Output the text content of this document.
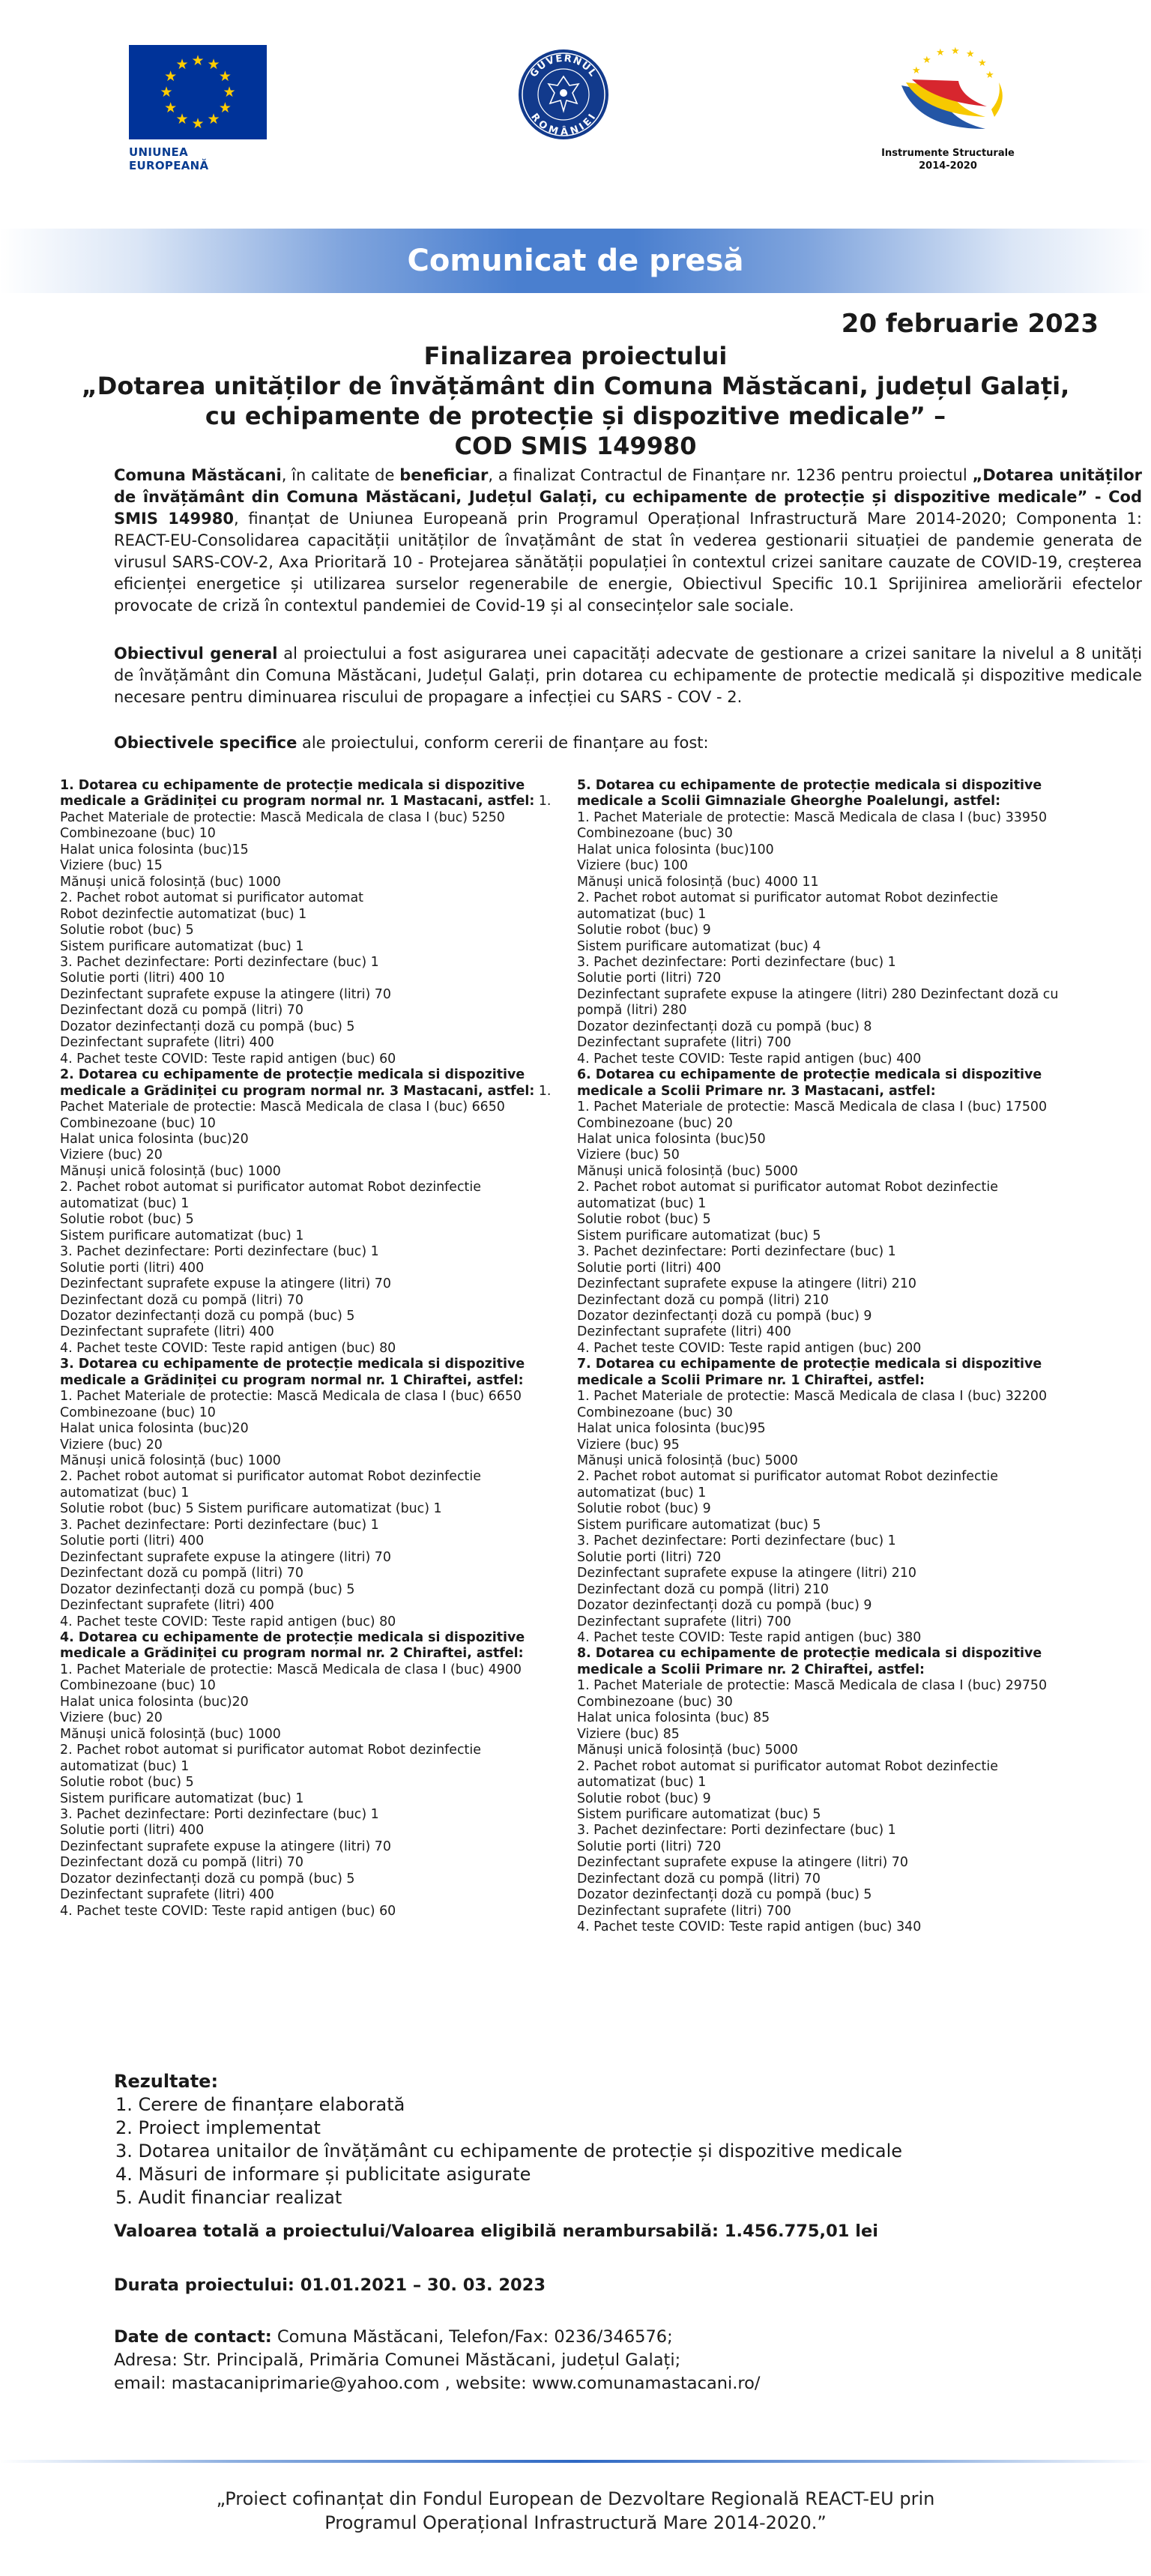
★ ★
★
★
★
★
★
★
★
★
★
★
UNIUNEA EUROPEANĂ
GUVERNUL
ROMÂNIEI
★
★ ★ ★
★
★
★
Instrumente Structurale
2014-2020
Comunicat de presă
20 februarie 2023
Finalizarea proiectului
„Dotarea unităților de învățământ din Comuna Măstăcani, județul Galați,
cu echipamente de protecție și dispozitive medicale” –
COD SMIS 149980
Comuna Măstăcani, în calitate de beneficiar, a finalizat Contractul de Finanțare nr. 1236 pentru proiectul „Dotarea unităților de învățământ din Comuna Măstăcani, Județul Galați, cu echipamente de protecție și dispozitive medicale” - Cod SMIS 149980, finanțat de Uniunea Europeană prin Programul Operațional Infrastructură Mare 2014-2020; Componenta 1: REACT-EU-Consolidarea capacității unităților de învațământ de stat în vederea gestionarii situației de pandemie generata de virusul SARS-COV-2, Axa Prioritară 10 - Protejarea sănătății populației în contextul crizei sanitare cauzate de COVID-19, creșterea eficienței energetice și utilizarea surselor regenerabile de energie, Obiectivul Specific 10.1 Sprijinirea ameliorării efectelor provocate de criză în contextul pandemiei de Covid-19 și al consecințelor sale sociale.
Obiectivul general al proiectului a fost asigurarea unei capacități adecvate de gestionare a crizei sanitare la nivelul a 8 unități de învățământ din Comuna Măstăcani, Județul Galați, prin dotarea cu echipamente de protectie medicală și dispozitive medicale necesare pentru diminuarea riscului de propagare a infecției cu SARS - COV - 2.
Obiectivele specifice ale proiectului, conform cererii de finanțare au fost:
1. Dotarea cu echipamente de protecție medicala si dispozitive
medicale a Grădiniței cu program normal nr. 1 Mastacani, astfel: 1.
Pachet Materiale de protectie: Mască Medicala de clasa I (buc) 5250
Combinezoane (buc) 10
Halat unica folosinta (buc)15
Viziere (buc) 15
Mănuși unică folosință (buc) 1000
2. Pachet robot automat si purificator automat
Robot dezinfectie automatizat (buc) 1
Solutie robot (buc) 5
Sistem purificare automatizat (buc) 1
3. Pachet dezinfectare: Porti dezinfectare (buc) 1
Solutie porti (litri) 400 10
Dezinfectant suprafete expuse la atingere (litri) 70
Dezinfectant doză cu pompă (litri) 70
Dozator dezinfectanți doză cu pompă (buc) 5
Dezinfectant suprafete (litri) 400
4. Pachet teste COVID: Teste rapid antigen (buc) 60
2. Dotarea cu echipamente de protecție medicala si dispozitive
medicale a Grădiniței cu program normal nr. 3 Mastacani, astfel: 1.
Pachet Materiale de protectie: Mască Medicala de clasa I (buc) 6650
Combinezoane (buc) 10
Halat unica folosinta (buc)20
Viziere (buc) 20
Mănuși unică folosință (buc) 1000
2. Pachet robot automat si purificator automat Robot dezinfectie
automatizat (buc) 1
Solutie robot (buc) 5
Sistem purificare automatizat (buc) 1
3. Pachet dezinfectare: Porti dezinfectare (buc) 1
Solutie porti (litri) 400
Dezinfectant suprafete expuse la atingere (litri) 70
Dezinfectant doză cu pompă (litri) 70
Dozator dezinfectanți doză cu pompă (buc) 5
Dezinfectant suprafete (litri) 400
4. Pachet teste COVID: Teste rapid antigen (buc) 80
3. Dotarea cu echipamente de protecție medicala si dispozitive
medicale a Grădiniței cu program normal nr. 1 Chiraftei, astfel:
1. Pachet Materiale de protectie: Mască Medicala de clasa I (buc) 6650
Combinezoane (buc) 10
Halat unica folosinta (buc)20
Viziere (buc) 20
Mănuși unică folosință (buc) 1000
2. Pachet robot automat si purificator automat Robot dezinfectie
automatizat (buc) 1
Solutie robot (buc) 5 Sistem purificare automatizat (buc) 1
3. Pachet dezinfectare: Porti dezinfectare (buc) 1
Solutie porti (litri) 400
Dezinfectant suprafete expuse la atingere (litri) 70
Dezinfectant doză cu pompă (litri) 70
Dozator dezinfectanți doză cu pompă (buc) 5
Dezinfectant suprafete (litri) 400
4. Pachet teste COVID: Teste rapid antigen (buc) 80
4. Dotarea cu echipamente de protecție medicala si dispozitive
medicale a Grădiniței cu program normal nr. 2 Chiraftei, astfel:
1. Pachet Materiale de protectie: Mască Medicala de clasa I (buc) 4900
Combinezoane (buc) 10
Halat unica folosinta (buc)20
Viziere (buc) 20
Mănuși unică folosință (buc) 1000
2. Pachet robot automat si purificator automat Robot dezinfectie
automatizat (buc) 1
Solutie robot (buc) 5
Sistem purificare automatizat (buc) 1
3. Pachet dezinfectare: Porti dezinfectare (buc) 1
Solutie porti (litri) 400
Dezinfectant suprafete expuse la atingere (litri) 70
Dezinfectant doză cu pompă (litri) 70
Dozator dezinfectanți doză cu pompă (buc) 5
Dezinfectant suprafete (litri) 400
4. Pachet teste COVID: Teste rapid antigen (buc) 60
5. Dotarea cu echipamente de protecție medicala si dispozitive
medicale a Scolii Gimnaziale Gheorghe Poalelungi, astfel:
1. Pachet Materiale de protectie: Mască Medicala de clasa I (buc) 33950
Combinezoane (buc) 30
Halat unica folosinta (buc)100
Viziere (buc) 100
Mănuși unică folosință (buc) 4000 11
2. Pachet robot automat si purificator automat Robot dezinfectie
automatizat (buc) 1
Solutie robot (buc) 9
Sistem purificare automatizat (buc) 4
3. Pachet dezinfectare: Porti dezinfectare (buc) 1
Solutie porti (litri) 720
Dezinfectant suprafete expuse la atingere (litri) 280 Dezinfectant doză cu
pompă (litri) 280
Dozator dezinfectanți doză cu pompă (buc) 8
Dezinfectant suprafete (litri) 700
4. Pachet teste COVID: Teste rapid antigen (buc) 400
6. Dotarea cu echipamente de protecție medicala si dispozitive
medicale a Scolii Primare nr. 3 Mastacani, astfel:
1. Pachet Materiale de protectie: Mască Medicala de clasa I (buc) 17500
Combinezoane (buc) 20
Halat unica folosinta (buc)50
Viziere (buc) 50
Mănuși unică folosință (buc) 5000
2. Pachet robot automat si purificator automat Robot dezinfectie
automatizat (buc) 1
Solutie robot (buc) 5
Sistem purificare automatizat (buc) 5
3. Pachet dezinfectare: Porti dezinfectare (buc) 1
Solutie porti (litri) 400
Dezinfectant suprafete expuse la atingere (litri) 210
Dezinfectant doză cu pompă (litri) 210
Dozator dezinfectanți doză cu pompă (buc) 9
Dezinfectant suprafete (litri) 400
4. Pachet teste COVID: Teste rapid antigen (buc) 200
7. Dotarea cu echipamente de protecție medicala si dispozitive
medicale a Scolii Primare nr. 1 Chiraftei, astfel:
1. Pachet Materiale de protectie: Mască Medicala de clasa I (buc) 32200
Combinezoane (buc) 30
Halat unica folosinta (buc)95
Viziere (buc) 95
Mănuși unică folosință (buc) 5000
2. Pachet robot automat si purificator automat Robot dezinfectie
automatizat (buc) 1
Solutie robot (buc) 9
Sistem purificare automatizat (buc) 5
3. Pachet dezinfectare: Porti dezinfectare (buc) 1
Solutie porti (litri) 720
Dezinfectant suprafete expuse la atingere (litri) 210
Dezinfectant doză cu pompă (litri) 210
Dozator dezinfectanți doză cu pompă (buc) 9
Dezinfectant suprafete (litri) 700
4. Pachet teste COVID: Teste rapid antigen (buc) 380
8. Dotarea cu echipamente de protecție medicala si dispozitive
medicale a Scolii Primare nr. 2 Chiraftei, astfel:
1. Pachet Materiale de protectie: Mască Medicala de clasa I (buc) 29750
Combinezoane (buc) 30
Halat unica folosinta (buc) 85
Viziere (buc) 85
Mănuși unică folosință (buc) 5000
2. Pachet robot automat si purificator automat Robot dezinfectie
automatizat (buc) 1
Solutie robot (buc) 9
Sistem purificare automatizat (buc) 5
3. Pachet dezinfectare: Porti dezinfectare (buc) 1
Solutie porti (litri) 720
Dezinfectant suprafete expuse la atingere (litri) 70
Dezinfectant doză cu pompă (litri) 70
Dozator dezinfectanți doză cu pompă (buc) 5
Dezinfectant suprafete (litri) 700
4. Pachet teste COVID: Teste rapid antigen (buc) 340
Rezultate:
1. Cerere de finanțare elaborată
2. Proiect implementat
3. Dotarea unitailor de învățământ cu echipamente de protecție și dispozitive medicale
4. Măsuri de informare și publicitate asigurate
5. Audit financiar realizat
Valoarea totală a proiectului/Valoarea eligibilă nerambursabilă: 1.456.775,01 lei
Durata proiectului: 01.01.2021 – 30. 03. 2023
Date de contact: Comuna Măstăcani, Telefon/Fax: 0236/346576;
Adresa: Str. Principală, Primăria Comunei Măstăcani, județul Galați;
email: mastacaniprimarie@yahoo.com , website: www.comunamastacani.ro/
„Proiect cofinanțat din Fondul European de Dezvoltare Regională REACT-EU prin
Programul Operațional Infrastructură Mare 2014-2020.”
